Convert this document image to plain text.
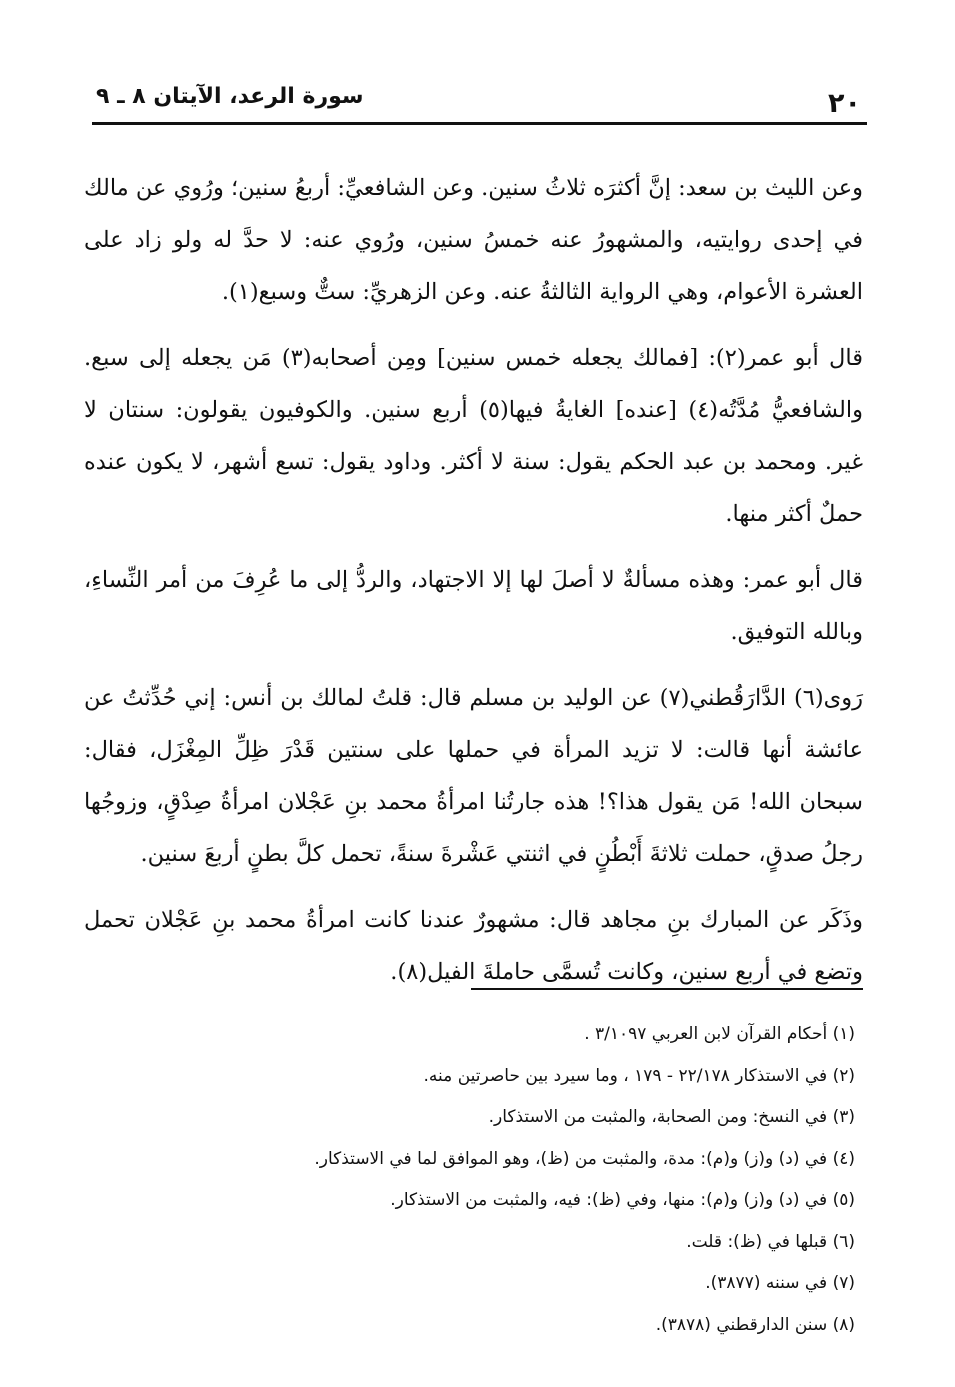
٢٠
سورة الرعد، الآيتان ٨ ـ ٩

وعن الليث بن سعد: إنَّ أكثرَه ثلاثُ سنين. وعن الشافعيِّ: أربعُ سنين؛ ورُوي عن مالك في إحدى روايتيه، والمشهورُ عنه خمسُ سنين، ورُوي عنه: لا حدَّ له ولو زاد على العشرة الأعوام، وهي الرواية الثالثةُ عنه. وعن الزهريِّ: ستٌّ وسبع(١).

قال أبو عمر(٢): [فمالك يجعله خمس سنين] ومِن أصحابه(٣) مَن يجعله إلى سبع. والشافعيُّ مُدَّتُه(٤) [عنده] الغايةُ فيها(٥) أربع سنين. والكوفيون يقولون: سنتان لا غير. ومحمد بن عبد الحكم يقول: سنة لا أكثر. وداود يقول: تسع أشهر، لا يكون عنده حملٌ أكثر منها.

قال أبو عمر: وهذه مسألةٌ لا أصلَ لها إلا الاجتهاد، والردُّ إلى ما عُرِفَ من أمر النِّساءِ، وبالله التوفيق.

رَوى(٦) الدَّارَقُطني(٧) عن الوليد بن مسلم قال: قلتُ لمالك بن أنس: إني حُدِّثتُ عن عائشة أنها قالت: لا تزيد المرأة في حملها على سنتين قَدْرَ ظِلِّ المِغْزَل، فقال: سبحان الله! مَن يقول هذا؟! هذه جارتُنا امرأةُ محمد بنِ عَجْلان امرأةُ صِدْقٍ، وزوجُها رجلُ صدقٍ، حملت ثلاثةَ أَبْطُنٍ في اثنتي عَشْرةَ سنةً، تحمل كلَّ بطنٍ أربعَ سنين.

وذَكَر عن المبارك بنِ مجاهد قال: مشهورٌ عندنا كانت امرأةُ محمد بنِ عَجْلان تحمل وتضع في أربع سنين، وكانت تُسمَّى حاملةَ الفيل(٨).

(١) أحكام القرآن لابن العربي ٣/١٠٩٧ .
(٢) في الاستذكار ٢٢/١٧٨ - ١٧٩ ، وما سيرد بين حاصرتين منه.
(٣) في النسخ: ومن الصحابة، والمثبت من الاستذكار.
(٤) في (د) و(ز) و(م): مدة، والمثبت من (ظ)، وهو الموافق لما في الاستذكار.
(٥) في (د) و(ز) و(م): منها، وفي (ظ): فيه، والمثبت من الاستذكار.
(٦) قبلها في (ظ): قلت.
(٧) في سننه (٣٨٧٧).
(٨) سنن الدارقطني (٣٨٧٨).
